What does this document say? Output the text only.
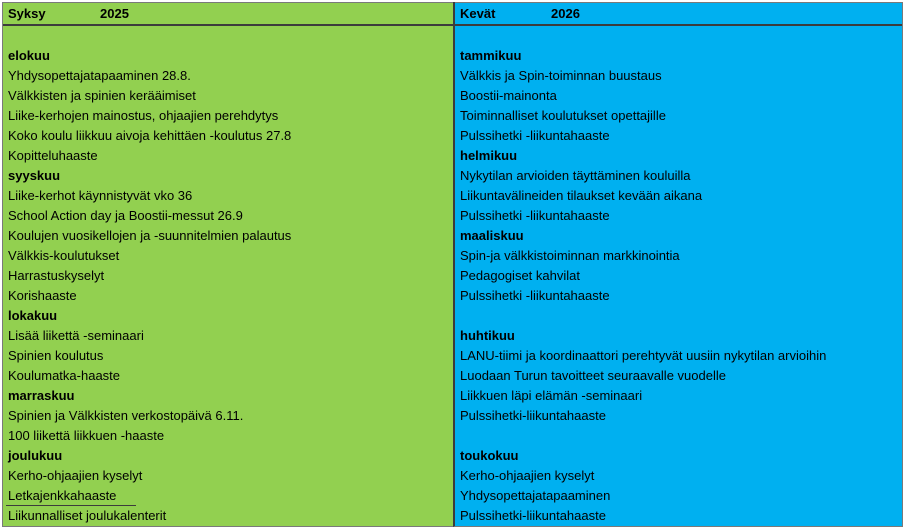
Syksy	2025
elokuu
Yhdysopettajatapaaminen 28.8.
Välkkisten ja spinien kerääimiset
Liike-kerhojen mainostus, ohjaajien perehdytys
Koko koulu liikkuu aivoja kehittäen -koulutus 27.8
Kopitteluhaaste
syyskuu
Liike-kerhot käynnistyvät vko 36
School Action day ja Boostii-messut 26.9
Koulujen vuosikellojen ja -suunnitelmien palautus
Välkkis-koulutukset
Harrastuskyselyt
Korishaaste
lokakuu
Lisää liikettä -seminaari
Spinien koulutus
Koulumatka-haaste
marraskuu
Spinien ja Välkkisten verkostopäivä 6.11.
100 liikettä liikkuen -haaste
joulukuu
Kerho-ohjaajien kyselyt
Letkajenkkahaaste
Liikunnalliset joulukalenterit
Kevät	2026
tammikuu
Välkkis ja Spin-toiminnan buustaus
Boostii-mainonta
Toiminnalliset koulutukset opettajille
Pulssihetki -liikuntahaaste
helmikuu
Nykytilan arvioiden täyttäminen kouluilla
Liikuntavälineiden tilaukset kevään aikana
Pulssihetki -liikuntahaaste
maaliskuu
Spin-ja välkkistoiminnan markkinointia
Pedagogiset kahvilat
Pulssihetki -liikuntahaaste
huhtikuu
LANU-tiimi ja koordinaattori perehtyvät uusiin nykytilan arvioihin
Luodaan Turun tavoitteet seuraavalle vuodelle
Liikkuen läpi elämän -seminaari
Pulssihetki-liikuntahaaste
toukokuu
Kerho-ohjaajien kyselyt
Yhdysopettajatapaaminen
Pulssihetki-liikuntahaaste
